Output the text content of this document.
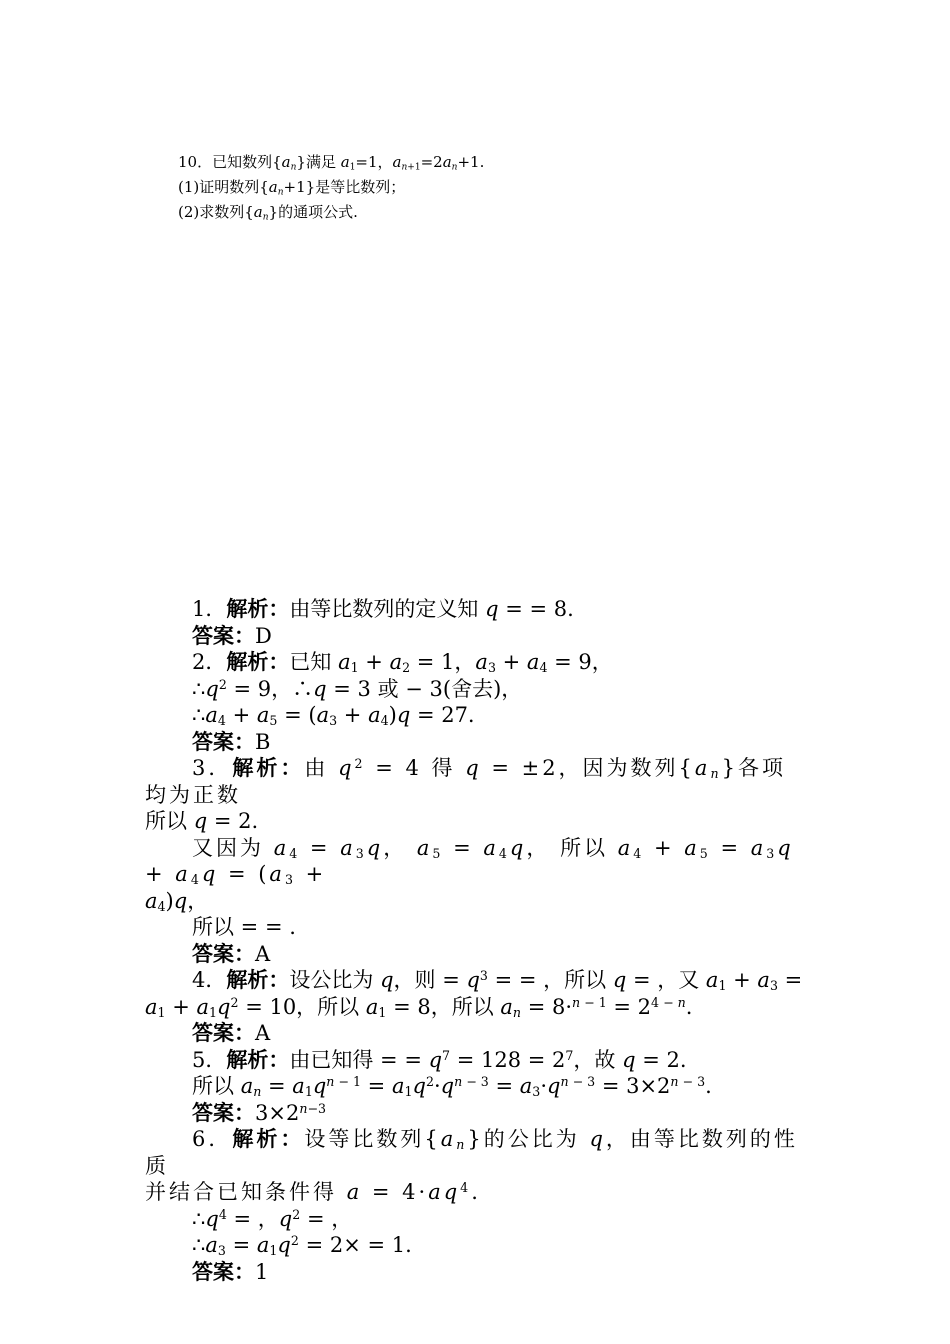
10．已知数列$\{a_n\}$满足 $a_1=1$，$a_{n+1}=2a_n+1$.

(1)证明数列$\{a_n+1\}$是等比数列；

(2)求数列$\{a_n\}$的通项公式.

1．解析：由等比数列的定义知 q = = 8.

答案：D

2．解析：已知 $a_1 + a_2 = 1$，$a_3 + a_4 = 9$，

$\therefore q^2 = 9$，∴q = 3 或 − 3(舍去)，

$\therefore a_4 + a_5 = (a_3 + a_4)q = 27$.

答案：B

3．解析：由 $q^2 = 4$ 得 q = ±2，因为数列$\{a_n\}$各项均为正数

所以 q = 2.

又因为 $a_4 = a_3q$， $a_5 = a_4q$， 所以 $a_4 + a_5 = a_3q + a_4q = (a_3$ +

$a_4)q$，

所以 = = .

答案：A

4．解析：设公比为 q，则 = $q^3$ = = ，所以 q = ，又 $a_1 + a_3$ =

$a_1 + a_1q^2 = 10$，所以 $a_1 = 8$，所以 $a_n = 8\cdot^{n - 1} = 2^{4 - n}$.

答案：A

5．解析：由已知得 = = $q^7 = 128 = 2^7$，故 q = 2.

所以 $a_n = a_1q^{n - 1} = a_1q^2\cdot q^{n - 3} = a_3\cdot q^{n - 3} = 3\times 2^{n - 3}$.

答案：$3\times 2^{n-3}$

6．解析：设等比数列$\{a_n\}$的公比为 q，由等比数列的性质

并结合已知条件得 $a = 4\cdot aq^4$.

$\therefore q^4$ = ，$q^2$ = ，

$\therefore a_3 = a_1q^2 = 2\times = 1$.

答案：1
